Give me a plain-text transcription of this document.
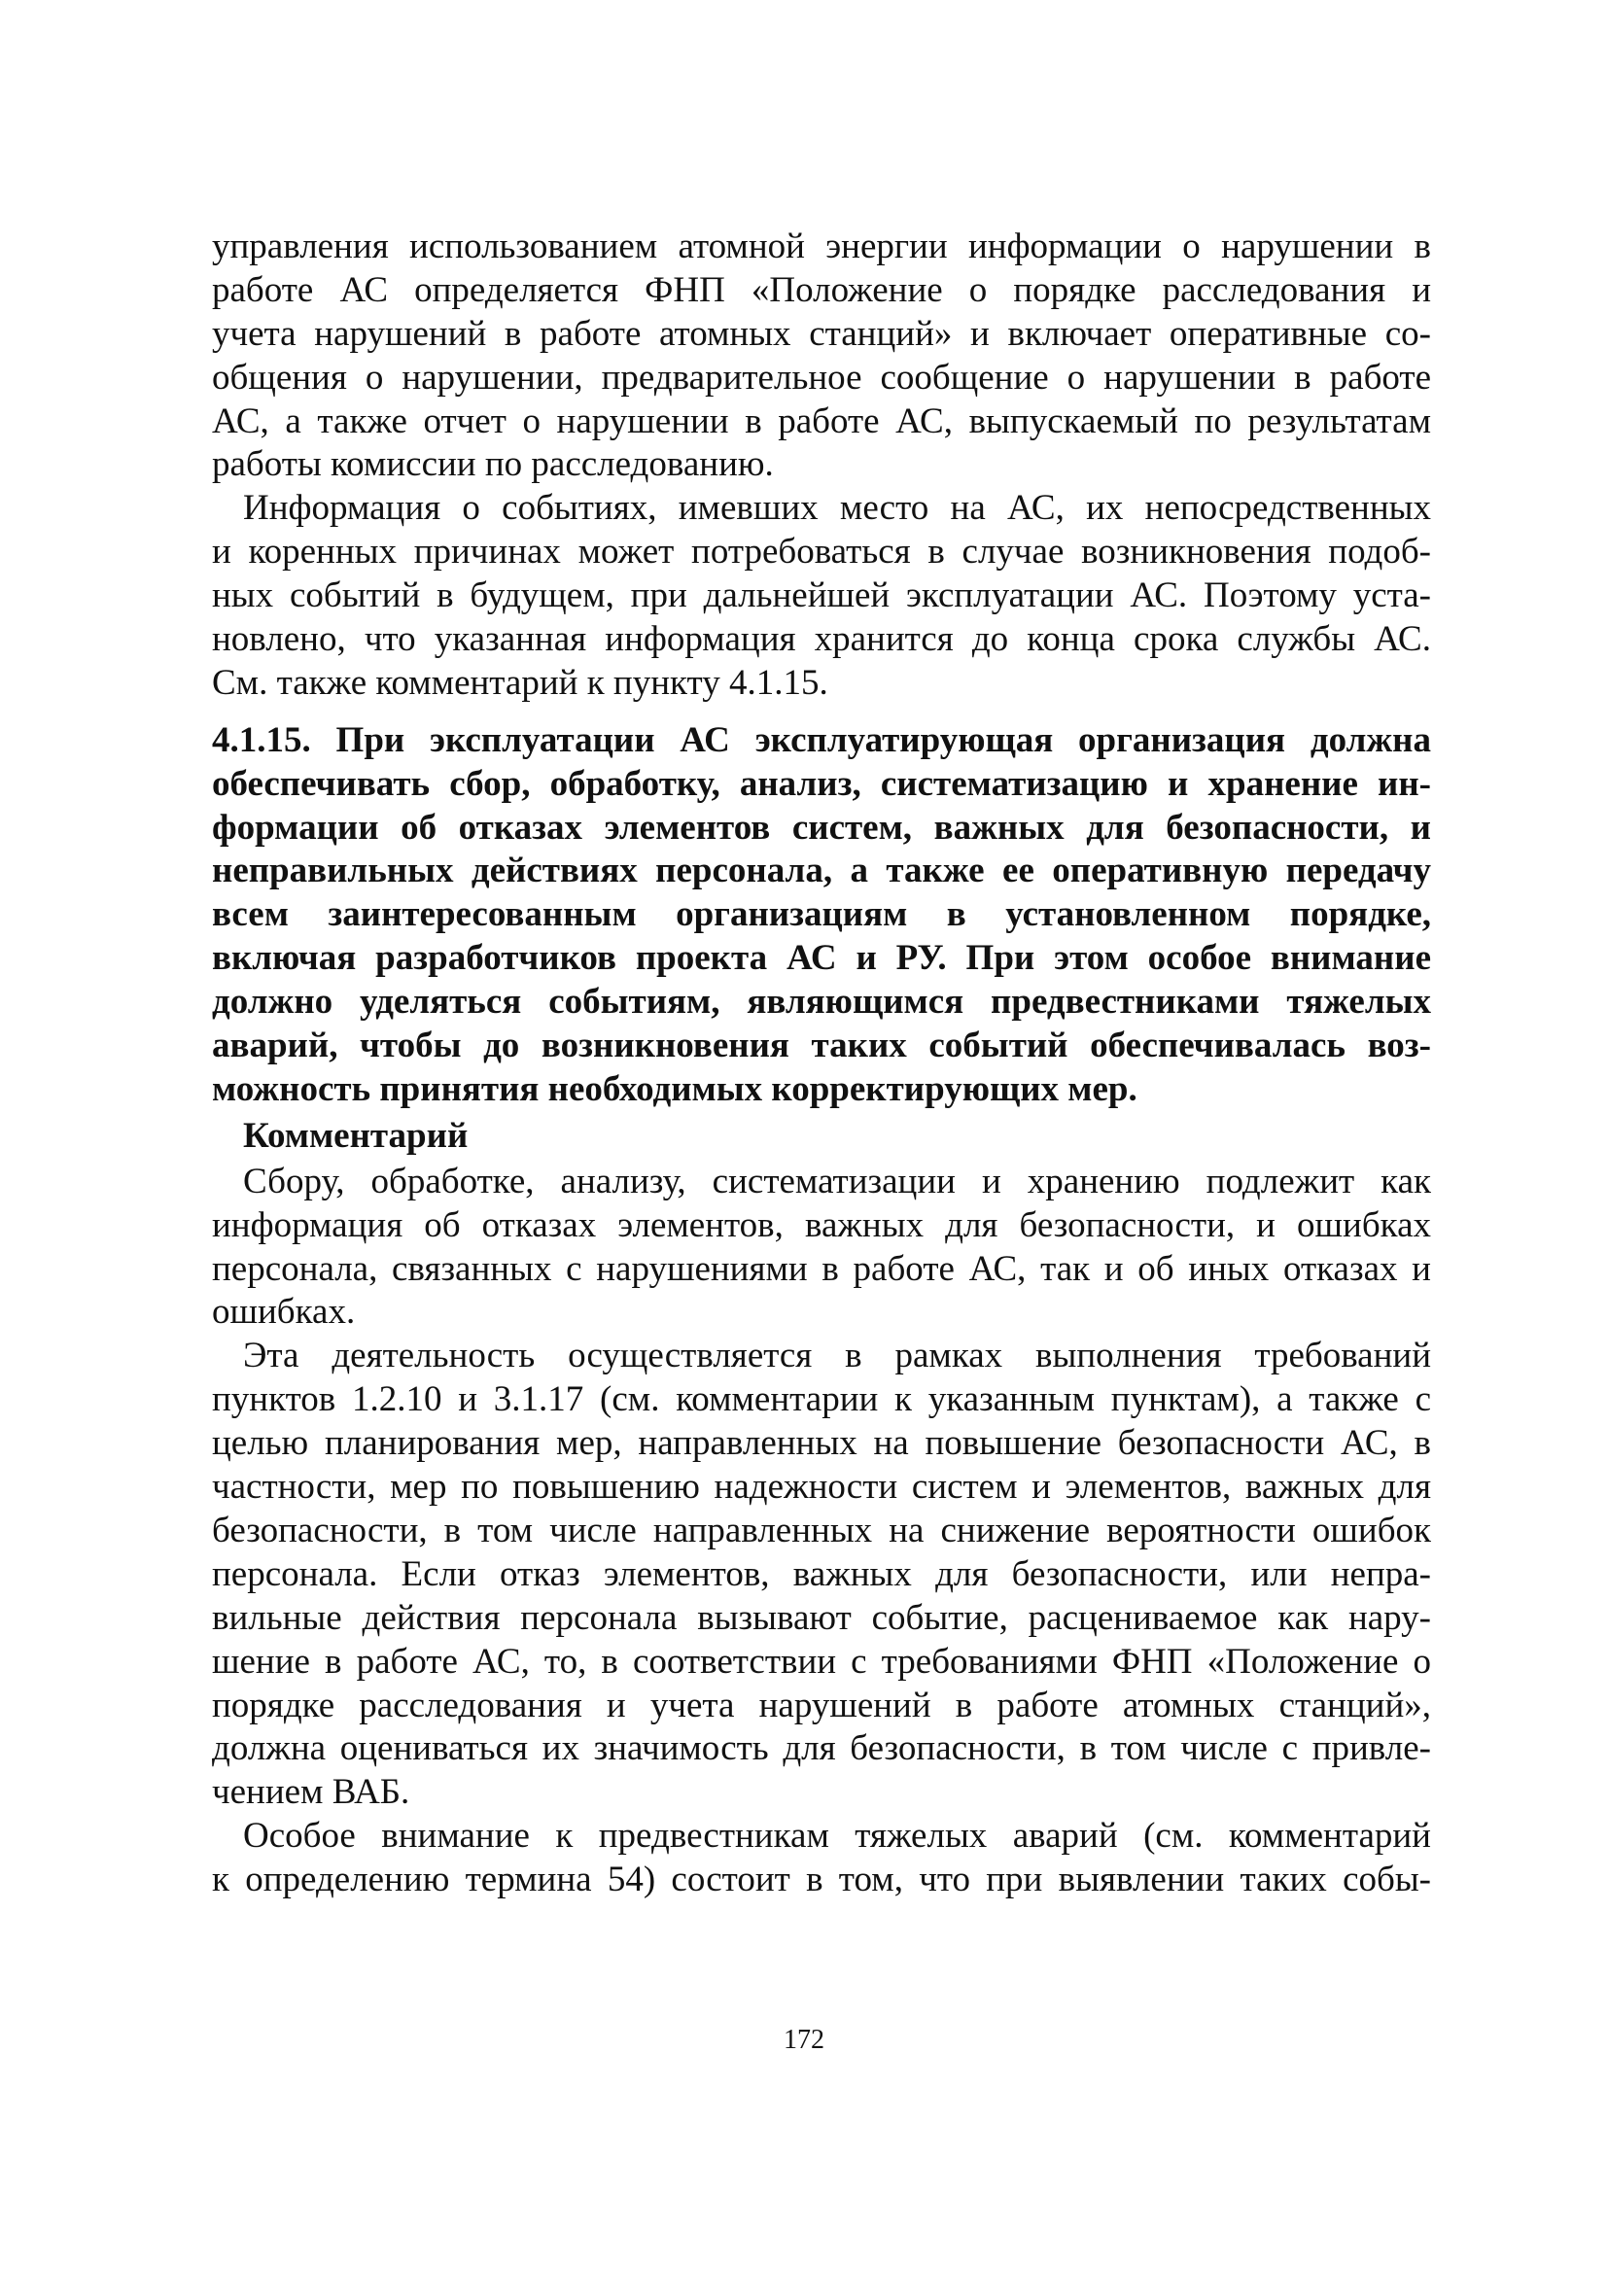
управления использованием атомной энергии информации о нарушении в
работе АС определяется ФНП «Положение о порядке расследования и
учета нарушений в работе атомных станций» и включает оперативные со-
общения о нарушении, предварительное сообщение о нарушении в работе
АС, а также отчет о нарушении в работе АС, выпускаемый по результатам
работы комиссии по расследованию.
Информация о событиях, имевших место на АС, их непосредственных
и коренных причинах может потребоваться в случае возникновения подоб-
ных событий в будущем, при дальнейшей эксплуатации АС. Поэтому уста-
новлено, что указанная информация хранится до конца срока службы АС.
См. также комментарий к пункту 4.1.15.
4.1.15. При эксплуатации АС эксплуатирующая организация должна
обеспечивать сбор, обработку, анализ, систематизацию и хранение ин-
формации об отказах элементов систем, важных для безопасности, и
неправильных действиях персонала, а также ее оперативную передачу
всем заинтересованным организациям в установленном порядке,
включая разработчиков проекта АС и РУ. При этом особое внимание
должно уделяться событиям, являющимся предвестниками тяжелых
аварий, чтобы до возникновения таких событий обеспечивалась воз-
можность принятия необходимых корректирующих мер.
Комментарий
Сбору, обработке, анализу, систематизации и хранению подлежит как
информация об отказах элементов, важных для безопасности, и ошибках
персонала, связанных с нарушениями в работе АС, так и об иных отказах и
ошибках.
Эта деятельность осуществляется в рамках выполнения требований
пунктов 1.2.10 и 3.1.17 (см. комментарии к указанным пунктам), а также с
целью планирования мер, направленных на повышение безопасности АС, в
частности, мер по повышению надежности систем и элементов, важных для
безопасности, в том числе направленных на снижение вероятности ошибок
персонала. Если отказ элементов, важных для безопасности, или непра-
вильные действия персонала вызывают событие, расцениваемое как нару-
шение в работе АС, то, в соответствии с требованиями ФНП «Положение о
порядке расследования и учета нарушений в работе атомных станций»,
должна оцениваться их значимость для безопасности, в том числе с привле-
чением ВАБ.
Особое внимание к предвестникам тяжелых аварий (см. комментарий
к определению термина 54) состоит в том, что при выявлении таких собы-
172
